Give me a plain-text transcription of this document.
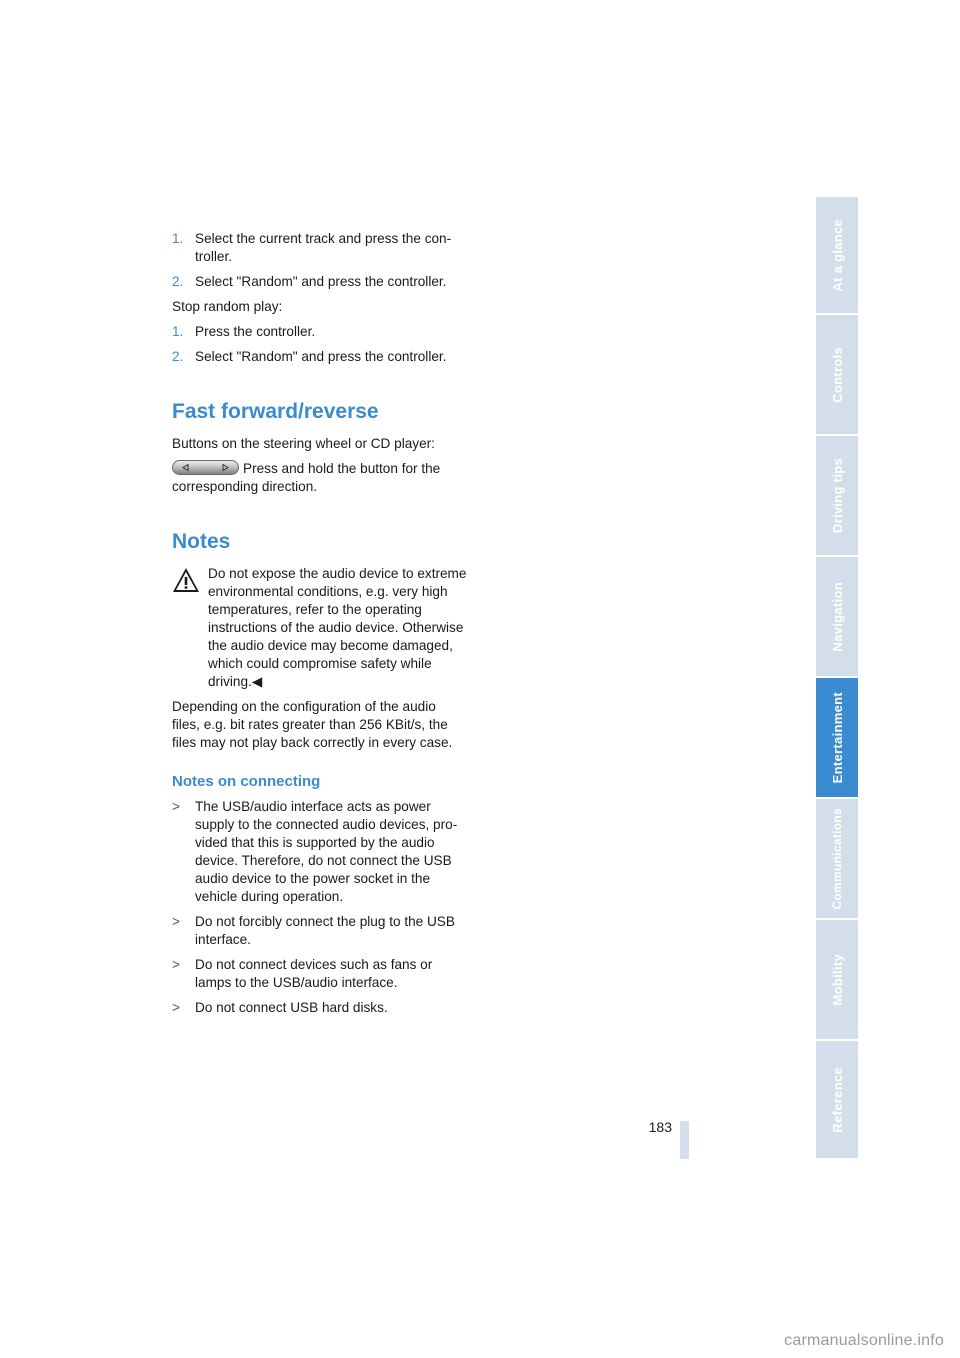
1. Select the current track and press the con-troller.
2. Select "Random" and press the controller.

Stop random play:

1. Press the controller.
2. Select "Random" and press the controller.
Fast forward/reverse

Buttons on the steering wheel or CD player:

Press and hold the button for the corresponding direction.

Notes

Do not expose the audio device to extreme environmental conditions, e.g. very high temperatures, refer to the operating instructions of the audio device. Otherwise the audio device may become damaged, which could compromise safety while driving.◀

Depending on the configuration of the audio files, e.g. bit rates greater than 256 KBit/s, the files may not play back correctly in every case.

Notes on connecting
> The USB/audio interface acts as power supply to the connected audio devices, pro-vided that this is supported by the audio device. Therefore, do not connect the USB audio device to the power socket in the vehicle during operation.
> Do not forcibly connect the plug to the USB interface.
> Do not connect devices such as fans or lamps to the USB/audio interface.
> Do not connect USB hard disks.
At a glance
Controls
Driving tips
Navigation
Entertainment
Communications
Mobility
Reference
183
carmanualsonline.info
